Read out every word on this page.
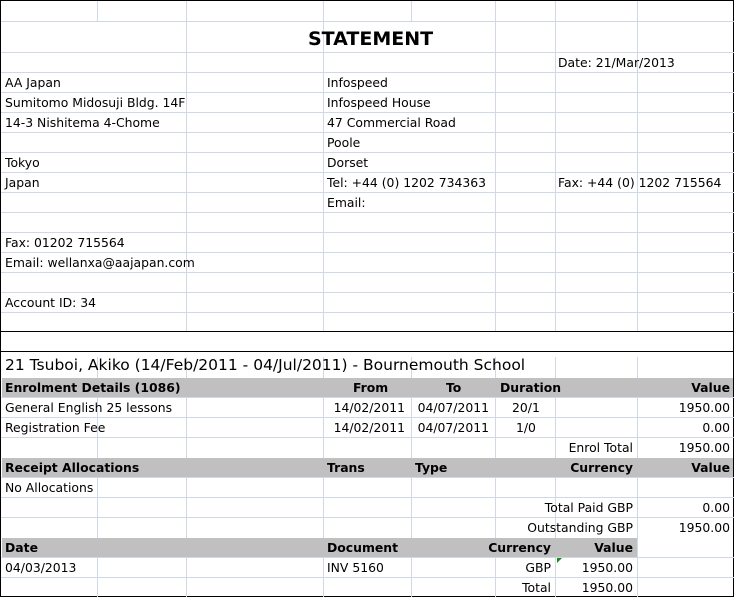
STATEMENT
Date: 21/Mar/2013
AA Japan
Sumitomo Midosuji Bldg. 14F
14-3 Nishitema 4-Chome
Tokyo
Japan
Fax: 01202 715564
Email: wellanxa@aajapan.com
Account ID: 34
Infospeed
Infospeed House
47 Commercial Road
Poole
Dorset
Tel: +44 (0) 1202 734363	Fax: +44 (0) 1202 715564
Email:
21 Tsuboi, Akiko (14/Feb/2011 - 04/Jul/2011) - Bournemouth School
Enrolment Details (1086)	From	To	Duration	Value
General English 25 lessons	14/02/2011 04/07/2011 20/1	1950.00
Registration Fee	14/02/2011 04/07/2011 1/0	0.00
Enrol Total	1950.00
Receipt Allocations	Trans	Type	Currency	Value
No Allocations
Total Paid GBP	0.00
Outstanding GBP	1950.00
Date	Document	Currency	Value
04/03/2013	INV 5160	GBP 1950.00
Total 1950.00
